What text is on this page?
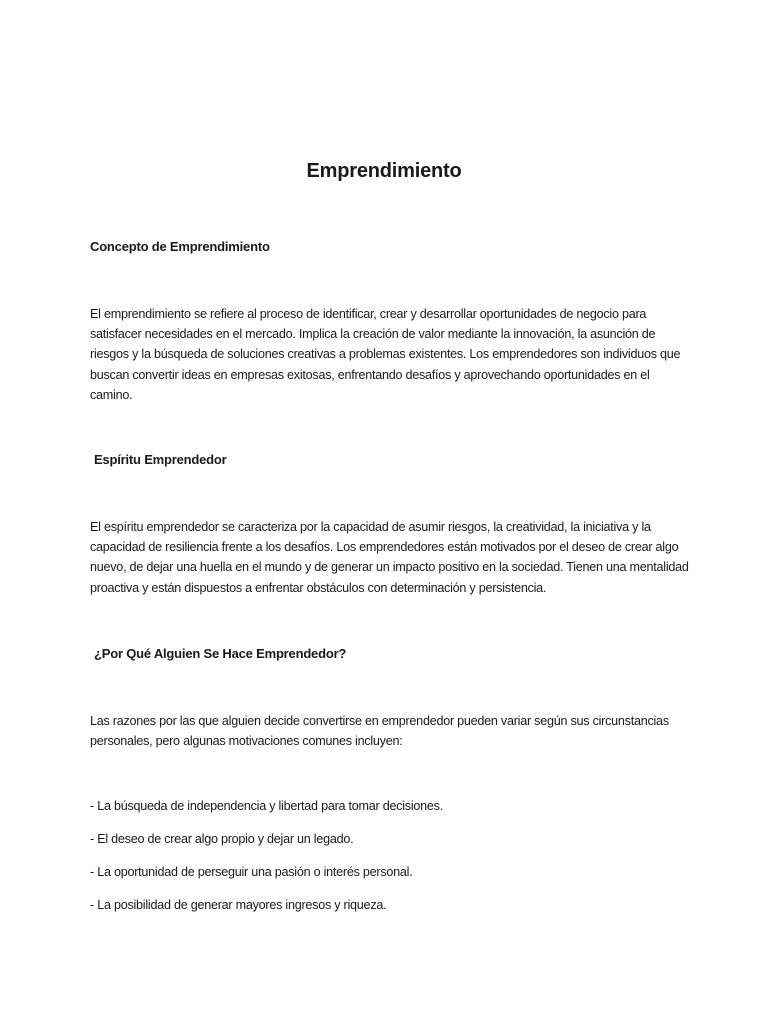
Emprendimiento
Concepto de Emprendimiento

El emprendimiento se refiere al proceso de identificar, crear y desarrollar oportunidades de negocio para satisfacer necesidades en el mercado. Implica la creación de valor mediante la innovación, la asunción de riesgos y la búsqueda de soluciones creativas a problemas existentes. Los emprendedores son individuos que buscan convertir ideas en empresas exitosas, enfrentando desafíos y aprovechando oportunidades en el camino.

Espíritu Emprendedor

El espíritu emprendedor se caracteriza por la capacidad de asumir riesgos, la creatividad, la iniciativa y la capacidad de resiliencia frente a los desafíos. Los emprendedores están motivados por el deseo de crear algo nuevo, de dejar una huella en el mundo y de generar un impacto positivo en la sociedad. Tienen una mentalidad proactiva y están dispuestos a enfrentar obstáculos con determinación y persistencia.

¿Por Qué Alguien Se Hace Emprendedor?

Las razones por las que alguien decide convertirse en emprendedor pueden variar según sus circunstancias personales, pero algunas motivaciones comunes incluyen:

- La búsqueda de independencia y libertad para tomar decisiones.
- El deseo de crear algo propio y dejar un legado.
- La oportunidad de perseguir una pasión o interés personal.
- La posibilidad de generar mayores ingresos y riqueza.
